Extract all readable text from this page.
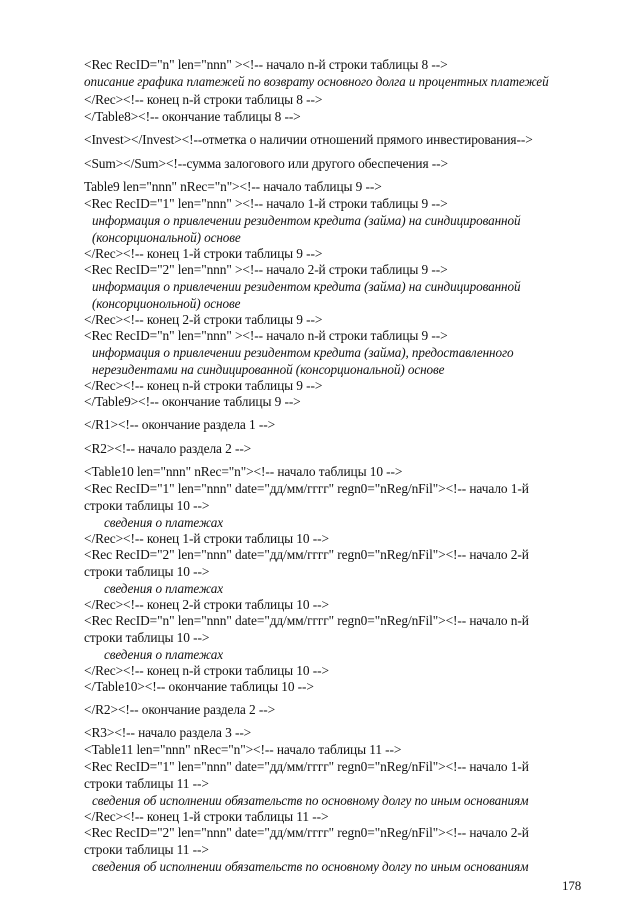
<Rec RecID="n" len="nnn" ><!-- начало n-й строки таблицы 8 -->
описание графика платежей по возврату основного долга и процентных платежей
</Rec><!-- конец n-й строки таблицы 8 -->
</Table8><!-- окончание таблицы 8 -->
<Invest></Invest><!--отметка о наличии отношений прямого инвестирования-->
<Sum></Sum><!--сумма залогового или другого обеспечения -->
Table9 len="nnn" nRec="n"><!-- начало таблицы 9 -->
<Rec RecID="1" len="nnn" ><!-- начало 1-й строки таблицы 9 -->
информация о привлечении резидентом кредита (займа) на синдицированной
(консорциональной) основе
</Rec><!-- конец 1-й строки таблицы 9 -->
<Rec RecID="2" len="nnn" ><!-- начало 2-й строки таблицы 9 -->
информация о привлечении резидентом кредита (займа) на синдицированной
(консорционольной) основе
</Rec><!-- конец 2-й строки таблицы 9 -->
<Rec RecID="n" len="nnn" ><!-- начало n-й строки таблицы 9 -->
информация о привлечении резидентом кредита (займа), предоставленного
нерезидентами на синдицированной (консорциональной) основе
</Rec><!-- конец n-й строки таблицы 9 -->
</Table9><!-- окончание таблицы 9 -->
</R1><!-- окончание раздела 1 -->
<R2><!-- начало раздела 2 -->
<Table10 len="nnn" nRec="n"><!-- начало таблицы 10 -->
<Rec RecID="1" len="nnn" date="дд/мм/гггг" regn0="nReg/nFil"><!-- начало 1-й
строки таблицы 10 -->
сведения о платежах
</Rec><!-- конец 1-й строки таблицы 10 -->
<Rec RecID="2" len="nnn" date="дд/мм/гггг" regn0="nReg/nFil"><!-- начало 2-й
строки таблицы 10 -->
сведения о платежах
</Rec><!-- конец 2-й строки таблицы 10 -->
<Rec RecID="n" len="nnn" date="дд/мм/гггг" regn0="nReg/nFil"><!-- начало n-й
строки таблицы 10 -->
сведения о платежах
</Rec><!-- конец n-й строки таблицы 10 -->
</Table10><!-- окончание таблицы 10 -->
</R2><!-- окончание раздела 2 -->
<R3><!-- начало раздела 3 -->
<Table11 len="nnn" nRec="n"><!-- начало таблицы 11 -->
<Rec RecID="1" len="nnn" date="дд/мм/гггг" regn0="nReg/nFil"><!-- начало 1-й
строки таблицы 11 -->
сведения об исполнении обязательств по основному долгу по иным основаниям
</Rec><!-- конец 1-й строки таблицы 11 -->
<Rec RecID="2" len="nnn" date="дд/мм/гггг" regn0="nReg/nFil"><!-- начало 2-й
строки таблицы 11 -->
сведения об исполнении обязательств по основному долгу по иным основаниям
178
